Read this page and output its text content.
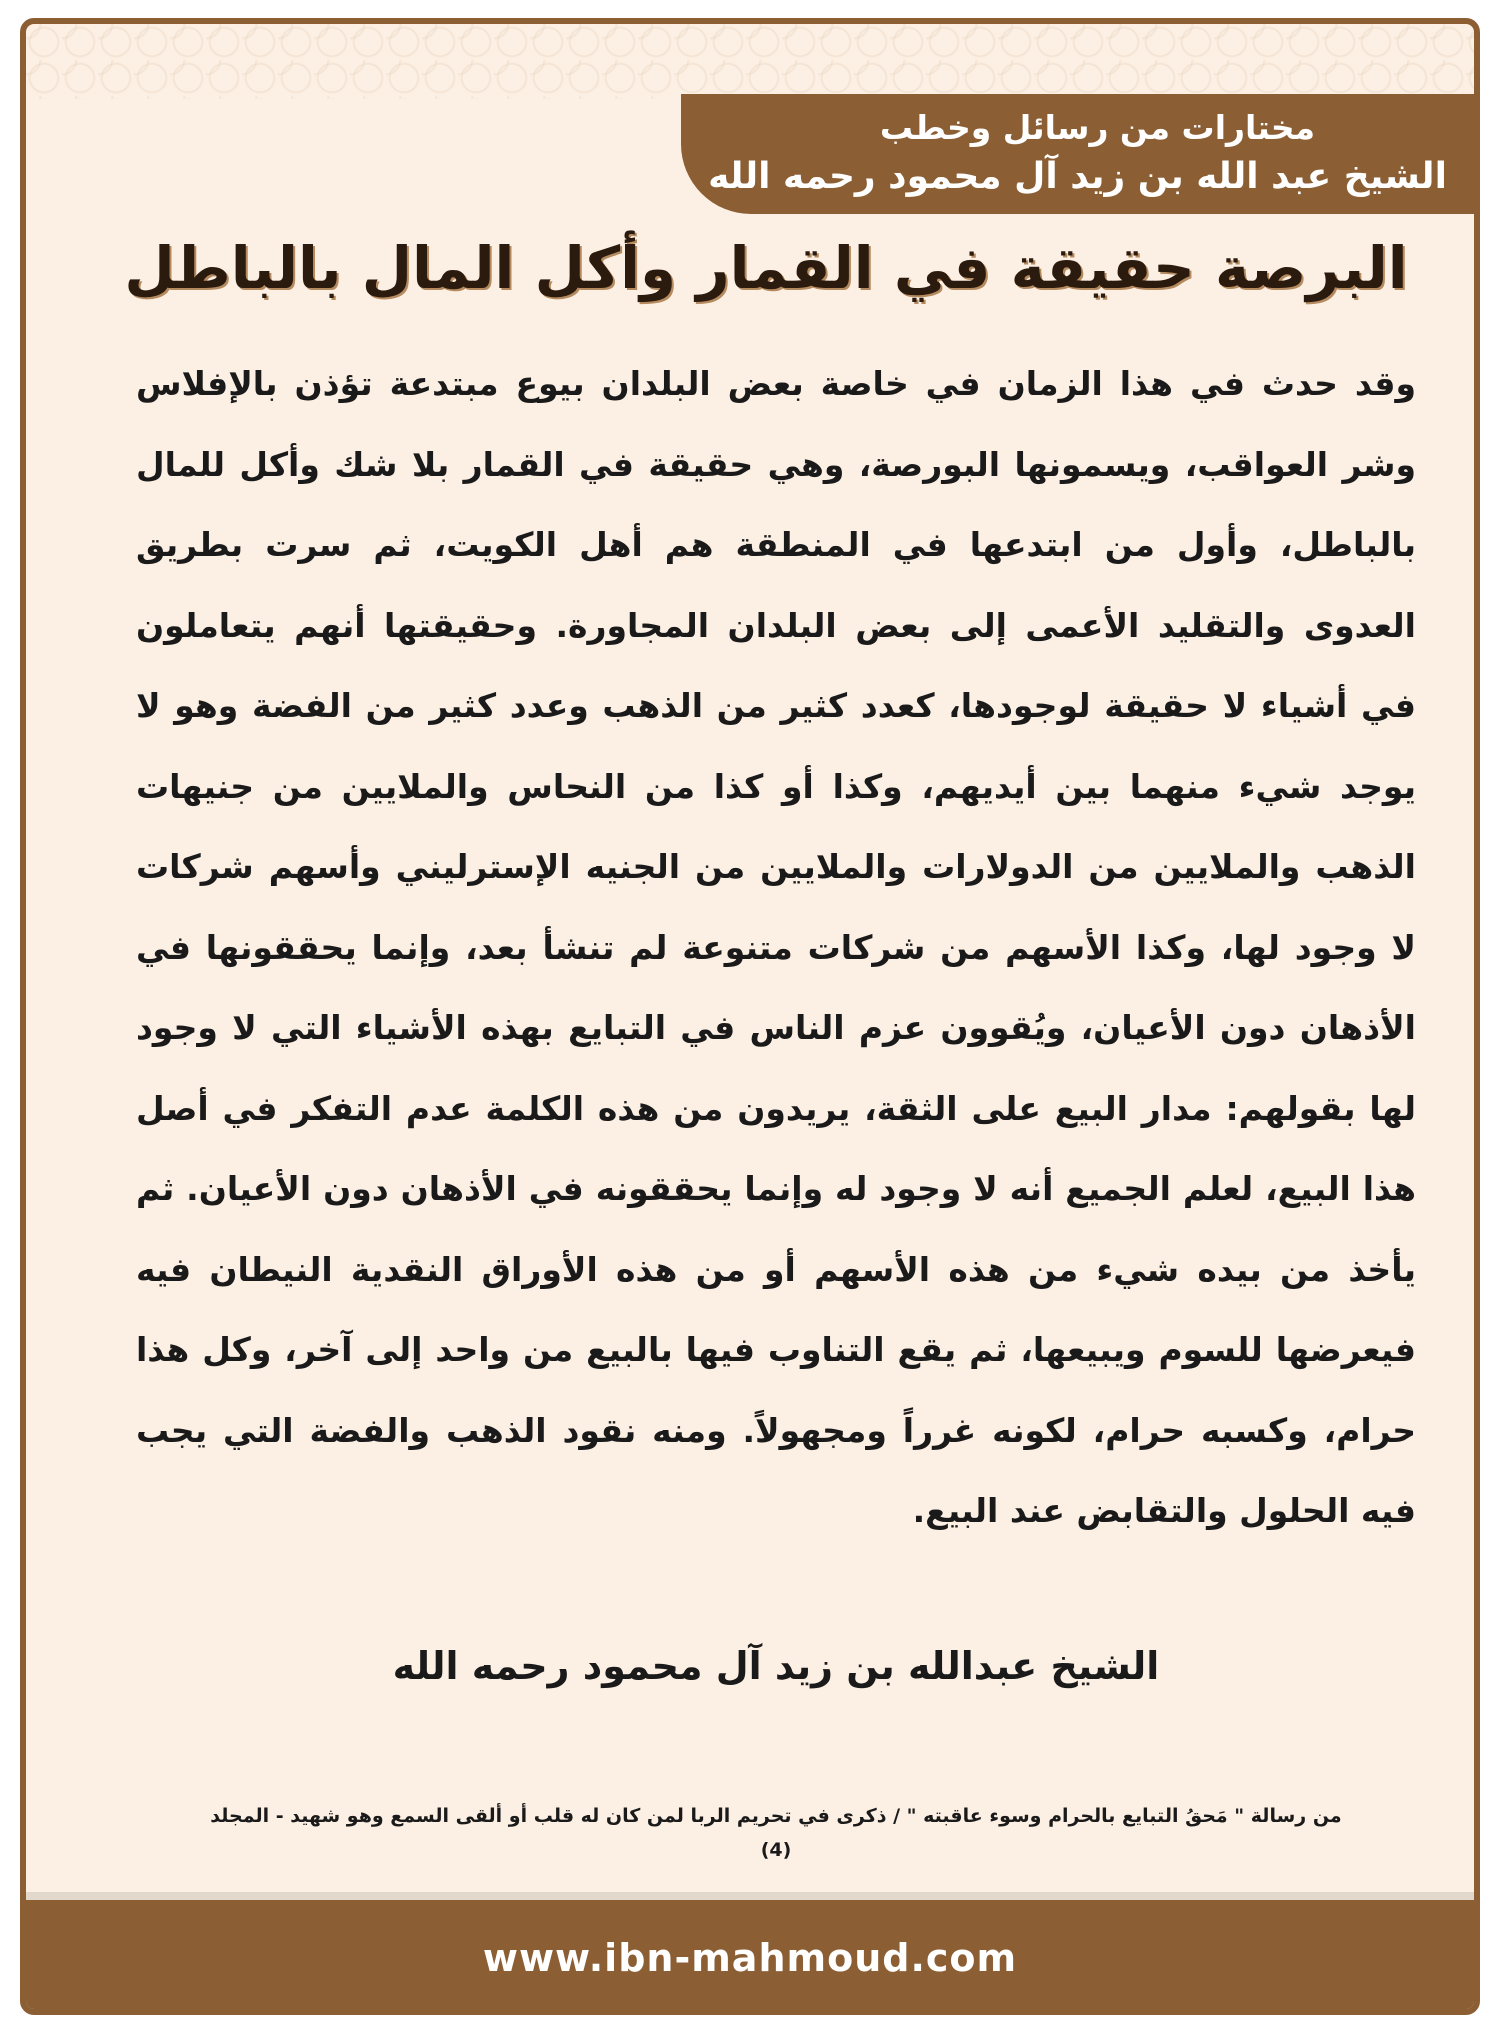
مختارات من رسائل وخطب
الشيخ عبد الله بن زيد آل محمود رحمه الله
البرصة حقيقة في القمار وأكل المال بالباطل
وقد حدث في هذا الزمان في خاصة بعض البلدان بيوع مبتدعة تؤذن بالإفلاس وشر العواقب، ويسمونها البورصة، وهي حقيقة في القمار بلا شك وأكل للمال بالباطل، وأول من ابتدعها في المنطقة هم أهل الكويت، ثم سرت بطريق العدوى والتقليد الأعمى إلى بعض البلدان المجاورة. وحقيقتها أنهم يتعاملون في أشياء لا حقيقة لوجودها، كعدد كثير من الذهب وعدد كثير من الفضة وهو لا يوجد شيء منهما بين أيديهم، وكذا أو كذا من النحاس والملايين من جنيهات الذهب والملايين من الدولارات والملايين من الجنيه الإسترليني وأسهم شركات لا وجود لها، وكذا الأسهم من شركات متنوعة لم تنشأ بعد، وإنما يحققونها في الأذهان دون الأعيان، ويُقوون عزم الناس في التبايع بهذه الأشياء التي لا وجود لها بقولهم: مدار البيع على الثقة، يريدون من هذه الكلمة عدم التفكر في أصل هذا البيع، لعلم الجميع أنه لا وجود له وإنما يحققونه في الأذهان دون الأعيان. ثم يأخذ من بيده شيء من هذه الأسهم أو من هذه الأوراق النقدية النيطان فيه فيعرضها للسوم ويبيعها، ثم يقع التناوب فيها بالبيع من واحد إلى آخر، وكل هذا حرام، وكسبه حرام، لكونه غرراً ومجهولاً. ومنه نقود الذهب والفضة التي يجب فيه الحلول والتقابض عند البيع.
الشيخ عبدالله بن زيد آل محمود رحمه الله
من رسالة " مَحقُ التبايع بالحرام وسوء عاقبته " / ذكرى في تحريم الربا لمن كان له قلب أو ألقى السمع وهو شهيد - المجلد
(4)
www.ibn-mahmoud.com
